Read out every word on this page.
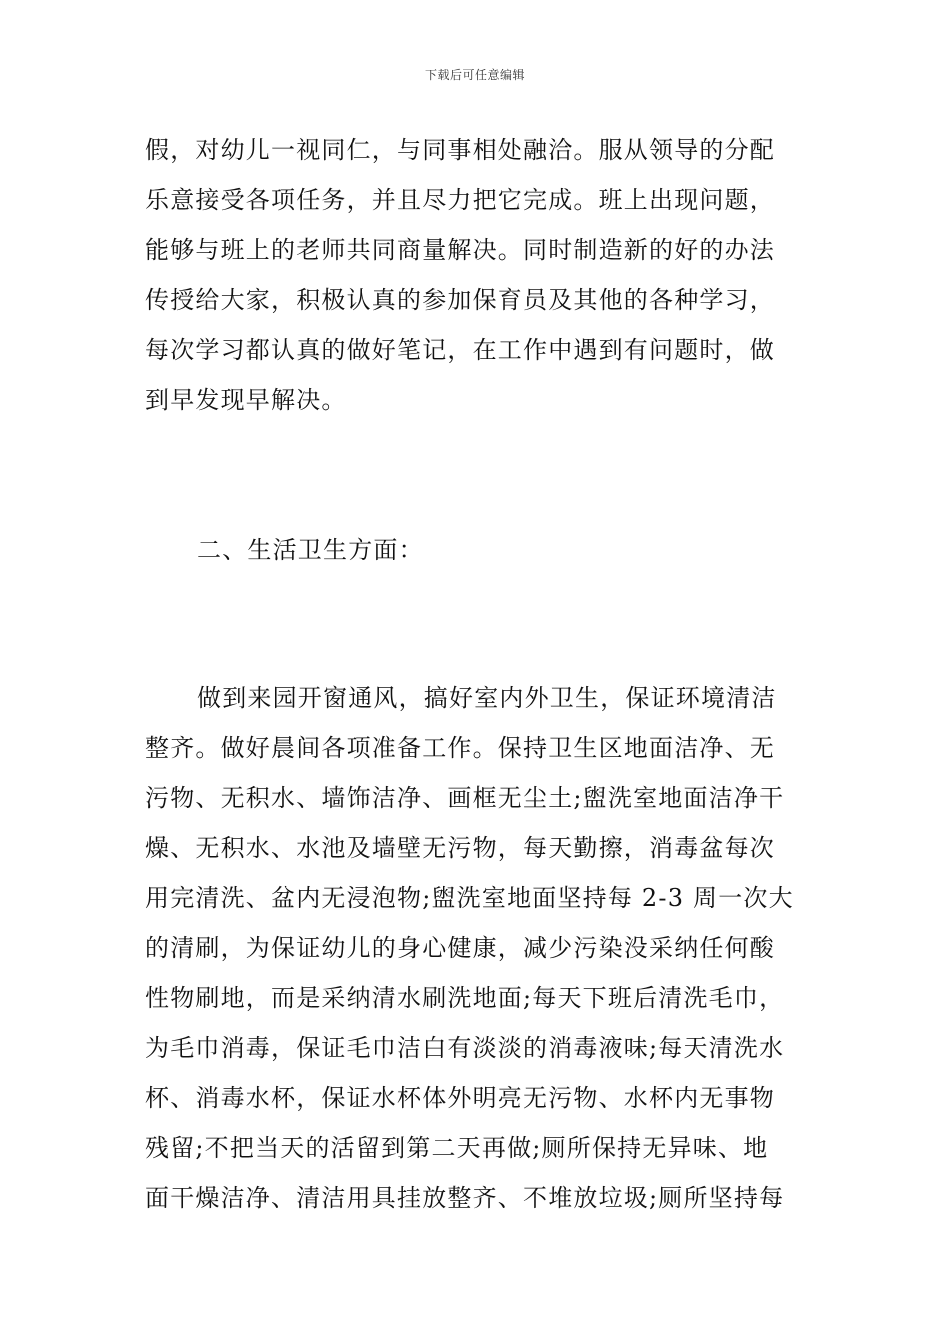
下载后可任意编辑
假，对幼儿一视同仁，与同事相处融洽。服从领导的分配
乐意接受各项任务，并且尽力把它完成。班上出现问题，
能够与班上的老师共同商量解决。同时制造新的好的办法
传授给大家，积极认真的参加保育员及其他的各种学习，
每次学习都认真的做好笔记，在工作中遇到有问题时，做
到早发现早解决。
二、生活卫生方面：
做到来园开窗通风，搞好室内外卫生，保证环境清洁
整齐。做好晨间各项准备工作。保持卫生区地面洁净、无
污物、无积水、墙饰洁净、画框无尘土;盥洗室地面洁净干
燥、无积水、水池及墙壁无污物，每天勤擦，消毒盆每次
用完清洗、盆内无浸泡物;盥洗室地面坚持每 2-3 周一次大
的清刷，为保证幼儿的身心健康，减少污染没采纳任何酸
性物刷地，而是采纳清水刷洗地面;每天下班后清洗毛巾，
为毛巾消毒，保证毛巾洁白有淡淡的消毒液味;每天清洗水
杯、消毒水杯，保证水杯体外明亮无污物、水杯内无事物
残留;不把当天的活留到第二天再做;厕所保持无异味、地
面干燥洁净、清洁用具挂放整齐、不堆放垃圾;厕所坚持每
